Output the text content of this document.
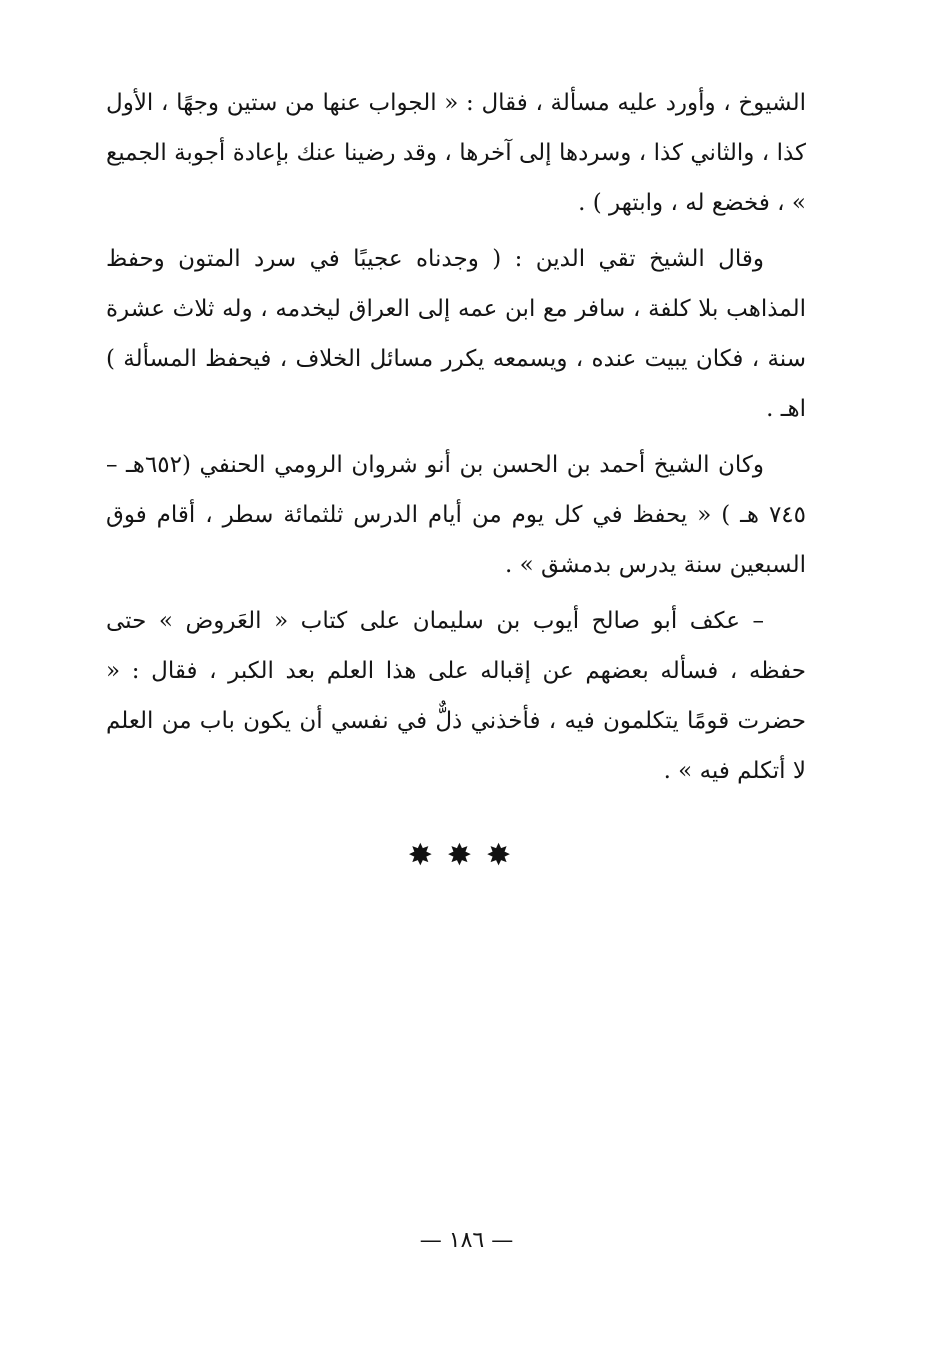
الشيوخ ، وأورد عليه مسألة ، فقال : « الجواب عنها من ستين وجهًا ، الأول كذا ، والثاني كذا ، وسردها إلى آخرها ، وقد رضينا عنك بإعادة أجوبة الجميع » ، فخضع له ، وابتهر ) .

وقال الشيخ تقي الدين : ( وجدناه عجيبًا في سرد المتون وحفظ المذاهب بلا كلفة ، سافر مع ابن عمه إلى العراق ليخدمه ، وله ثلاث عشرة سنة ، فكان يبيت عنده ، ويسمعه يكرر مسائل الخلاف ، فيحفظ المسألة ) اهـ .

وكان الشيخ أحمد بن الحسن بن أنو شروان الرومي الحنفي (٦٥٢هـ – ٧٤٥ هـ ) « يحفظ في كل يوم من أيام الدرس ثلثمائة سطر ، أقام فوق السبعين سنة يدرس بدمشق » .

– عكف أبو صالح أيوب بن سليمان على كتاب « العَروض » حتى حفظه ، فسأله بعضهم عن إقباله على هذا العلم بعد الكبر ، فقال : « حضرت قومًا يتكلمون فيه ، فأخذني ذلٌّ في نفسي أن يكون باب من العلم لا أتكلم فيه » .

✸✸✸
— ١٨٦ —
